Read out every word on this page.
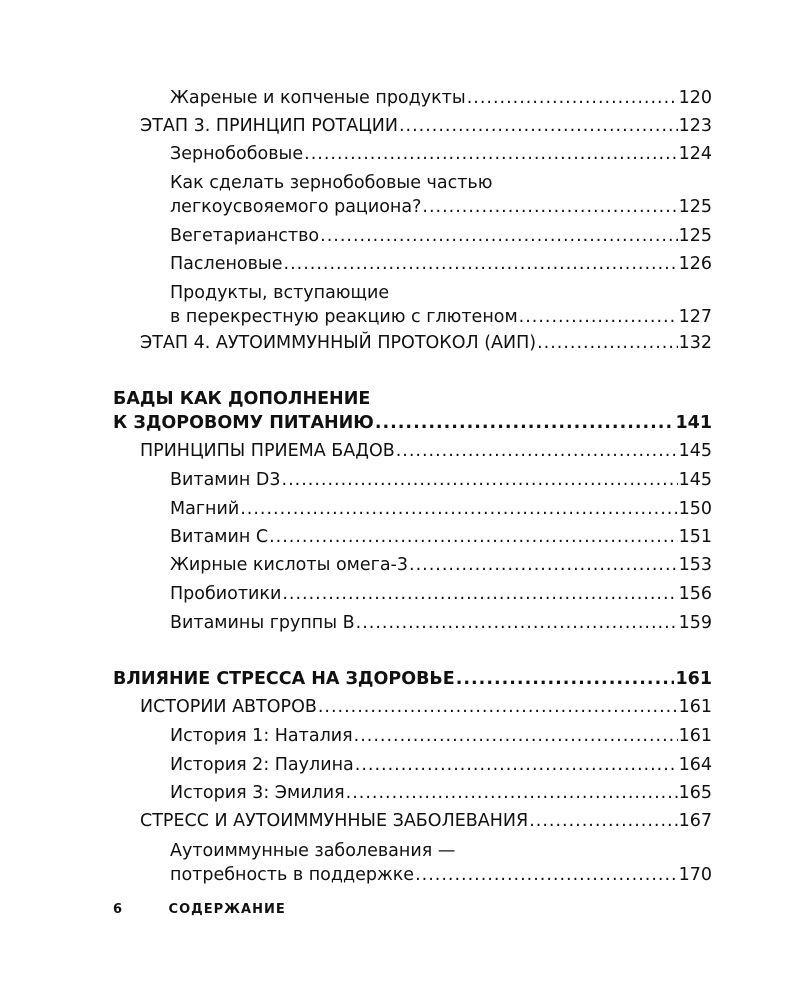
Жареные и копченые продукты .....	120
ЭТАП 3. ПРИНЦИП РОТАЦИИ .....	123
Зернобобовые .....	124
Как сделать зернобобовые частью
легкоусвояемого рациона? .....	125
Вегетарианство .....	125
Пасленовые .....	126
Продукты, вступающие
в перекрестную реакцию с глютеном .....	127
ЭТАП 4. АУТОИММУННЫЙ ПРОТОКОЛ (АИП) .....	132
БАДЫ КАК ДОПОЛНЕНИЕ
К ЗДОРОВОМУ ПИТАНИЮ .....	141
ПРИНЦИПЫ ПРИЕМА БАДОВ .....	145
Витамин D3 .....	145
Магний .....	150
Витамин С .....	151
Жирные кислоты омега-3 .....	153
Пробиотики .....	156
Витамины группы В .....	159
ВЛИЯНИЕ СТРЕССА НА ЗДОРОВЬЕ .....	161
ИСТОРИИ АВТОРОВ .....	161
История 1: Наталия .....	161
История 2: Паулина .....	164
История 3: Эмилия .....	165
СТРЕСС И АУТОИММУННЫЕ ЗАБОЛЕВАНИЯ .....	167
Аутоиммунные заболевания —
потребность в поддержке .....	170
6	СОДЕРЖАНИЕ
